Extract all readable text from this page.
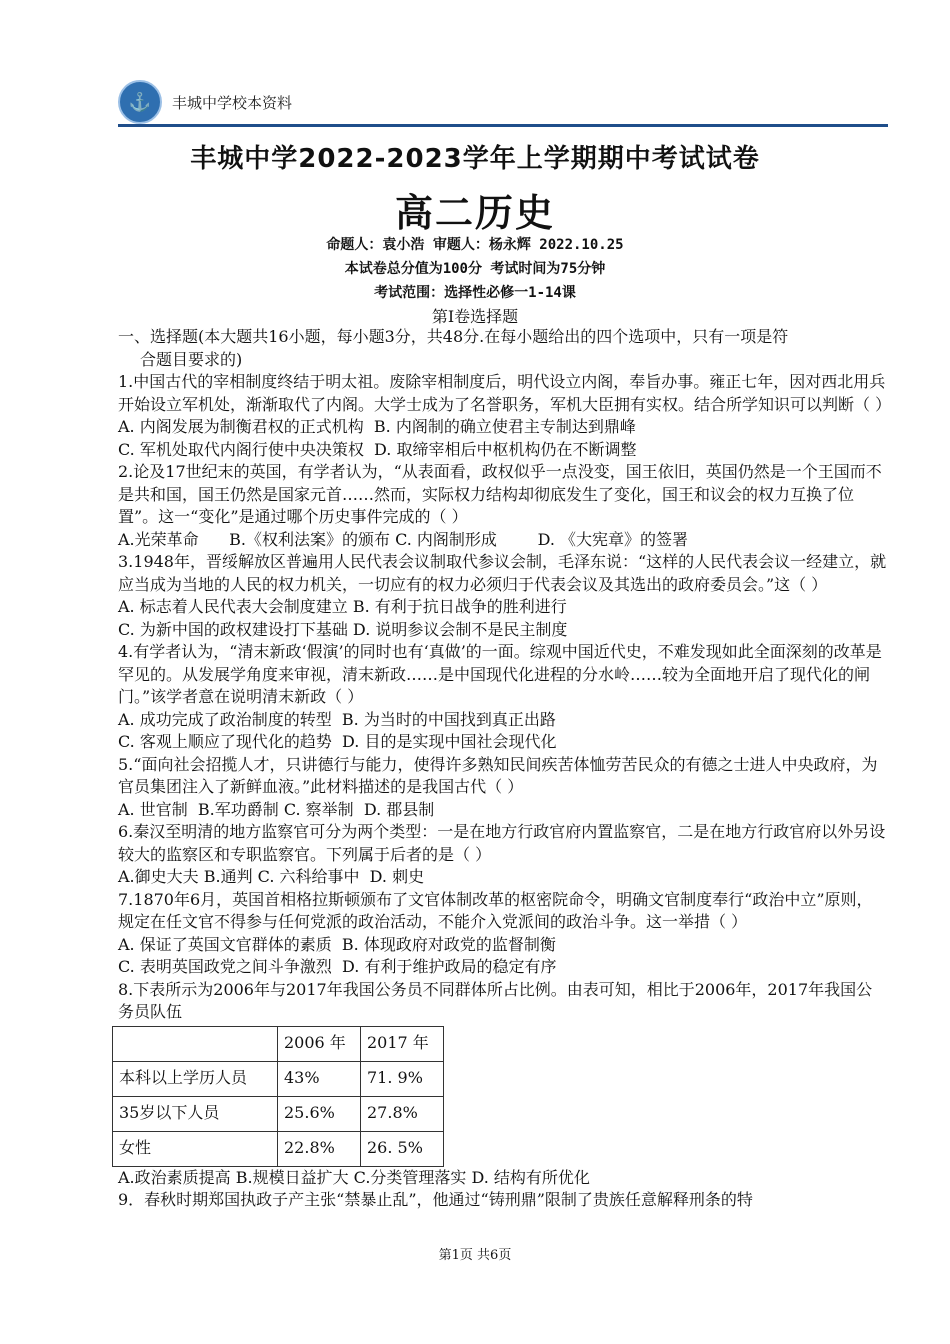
⚓	丰城中学校本资料
丰城中学2022-2023学年上学期期中考试试卷
高二历史
命题人：袁小浩 审题人：杨永辉 2022.10.25
本试卷总分值为100分 考试时间为75分钟
考试范围：选择性必修一1-14课
第Ⅰ卷选择题

一、选择题(本大题共16小题，每小题3分，共48分.在每小题给出的四个选项中，只有一项是符

合题目要求的)

1.中国古代的宰相制度终结于明太祖。废除宰相制度后，明代设立内阁，奉旨办事。雍正七年，因对西北用兵开始设立军机处，渐渐取代了内阁。大学士成为了名誉职务，军机大臣拥有实权。结合所学知识可以判断（ ）

A. 内阁发展为制衡君权的正式机构  B. 内阁制的确立使君主专制达到鼎峰

C. 军机处取代内阁行使中央决策权  D. 取缔宰相后中枢机构仍在不断调整

2.论及17世纪末的英国，有学者认为，“从表面看，政权似乎一点没变，国王依旧，英国仍然是一个王国而不是共和国，国王仍然是国家元首……然而，实际权力结构却彻底发生了变化，国王和议会的权力互换了位置”。这一“变化”是通过哪个历史事件完成的（ ）

A.光荣革命      B.《权利法案》的颁布 C. 内阁制形成        D. 《大宪章》的签署

3.1948年，晋绥解放区普遍用人民代表会议制取代参议会制，毛泽东说：“这样的人民代表会议一经建立，就应当成为当地的人民的权力机关，一切应有的权力必须归于代表会议及其选出的政府委员会。”这（ ）

A. 标志着人民代表大会制度建立 B. 有利于抗日战争的胜利进行

C. 为新中国的政权建设打下基础 D. 说明参议会制不是民主制度

4.有学者认为，“清末新政‘假演’的同时也有‘真做’的一面。综观中国近代史，不难发现如此全面深刻的改革是罕见的。从发展学角度来审视，清末新政……是中国现代化进程的分水岭……较为全面地开启了现代化的闸门。”该学者意在说明清末新政（ ）

A. 成功完成了政治制度的转型  B. 为当时的中国找到真正出路

C. 客观上顺应了现代化的趋势  D. 目的是实现中国社会现代化

5.“面向社会招揽人才，只讲德行与能力，使得许多熟知民间疾苦体恤劳苦民众的有德之士进人中央政府，为官员集团注入了新鲜血液。”此材料描述的是我国古代（ ）

A. 世官制  B.军功爵制 C. 察举制  D. 郡县制

6.秦汉至明清的地方监察官可分为两个类型：一是在地方行政官府内置监察官，二是在地方行政官府以外另设较大的监察区和专职监察官。下列属于后者的是（ ）

A.御史大夫 B.通判 C. 六科给事中  D. 刺史

7.1870年6月，英国首相格拉斯顿颁布了文官体制改革的枢密院命令，明确文官制度奉行“政治中立”原则，规定在任文官不得参与任何党派的政治活动，不能介入党派间的政治斗争。这一举措（ ）

A. 保证了英国文官群体的素质  B. 体现政府对政党的监督制衡

C. 表明英国政党之间斗争激烈  D. 有利于维护政局的稳定有序

8.下表所示为2006年与2017年我国公务员不同群体所占比例。由表可知，相比于2006年，2017年我国公务员队伍

	2006 年	2017 年
本科以上学历人员	43%	71. 9%
35岁以下人员	25.6%	27.8%
女性	22.8%	26. 5%

A.政治素质提高 B.规模日益扩大 C.分类管理落实 D. 结构有所优化

9．春秋时期郑国执政子产主张“禁暴止乱”，他通过“铸刑鼎”限制了贵族任意解释刑条的特

第1页 共6页
